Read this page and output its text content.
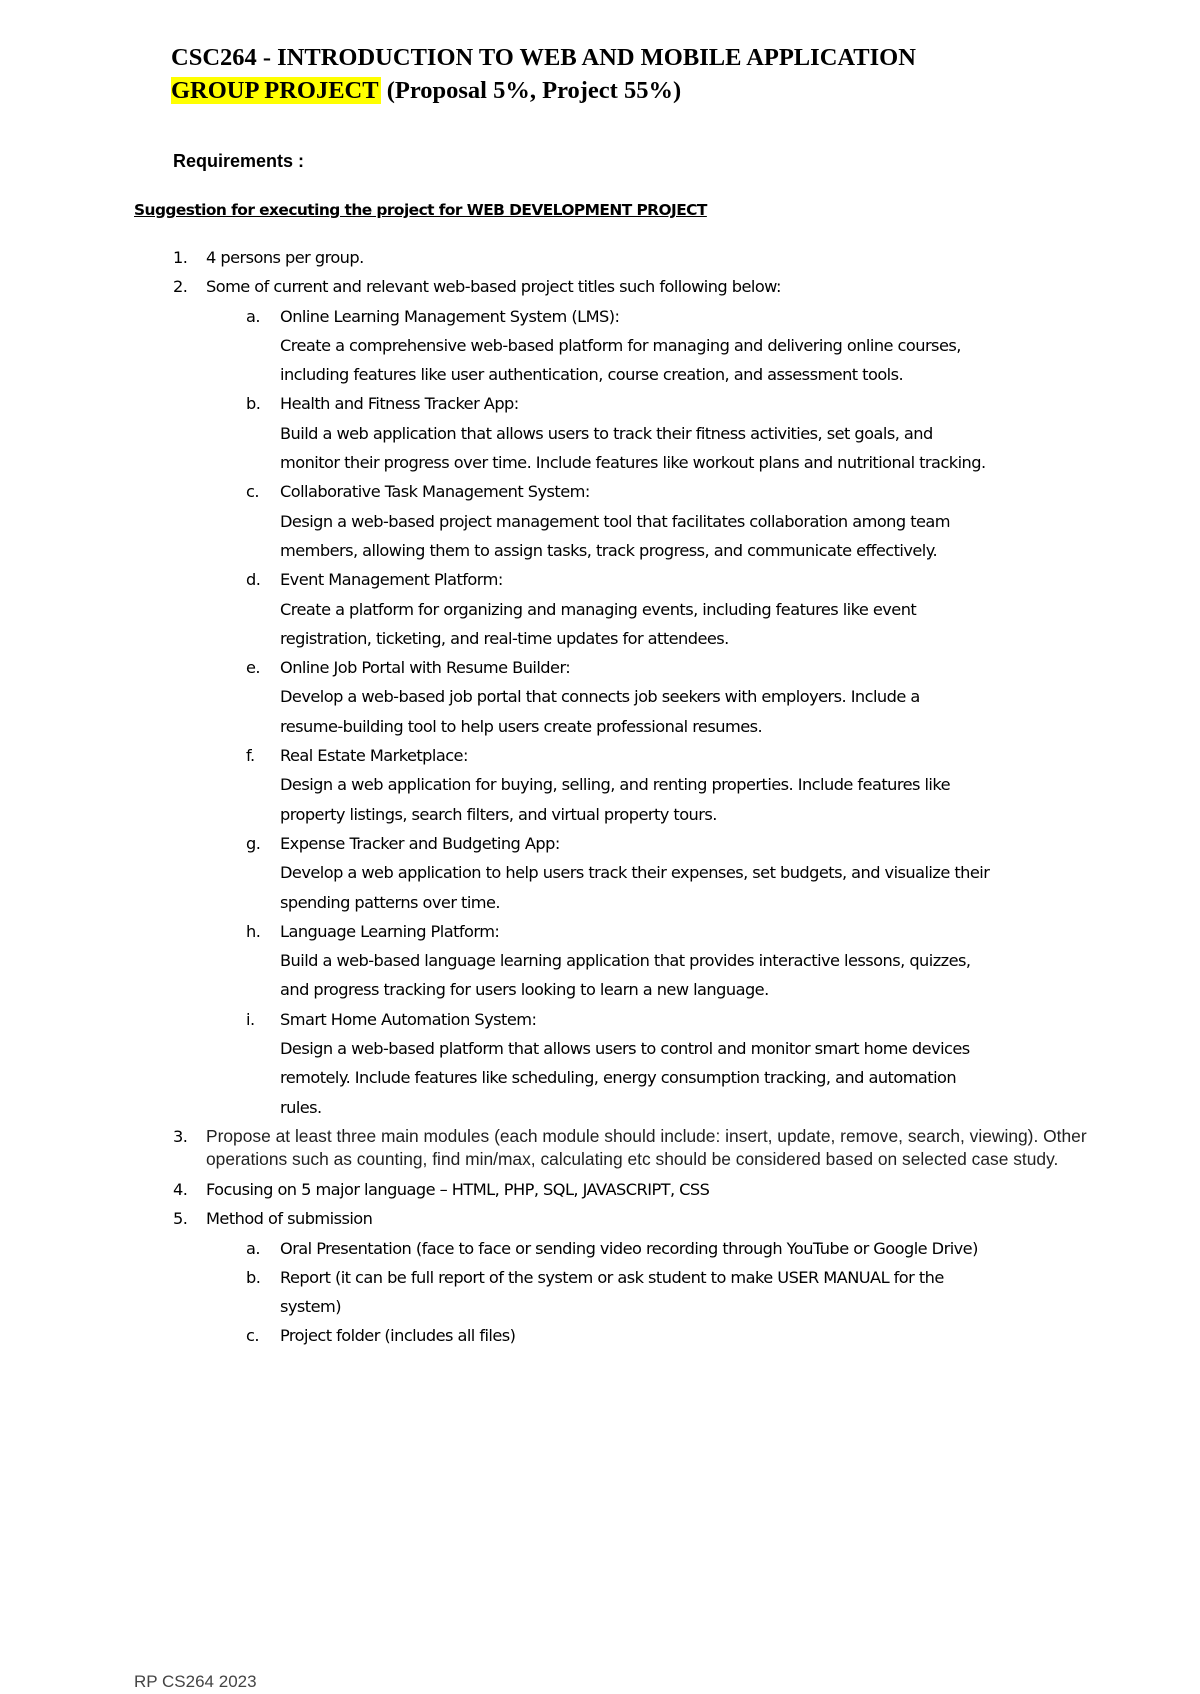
CSC264 - INTRODUCTION TO WEB AND MOBILE APPLICATION
GROUP PROJECT (Proposal 5%, Project 55%)
Requirements :
Suggestion for executing the project for WEB DEVELOPMENT PROJECT
1. 4 persons per group.
2. Some of current and relevant web-based project titles such following below:
a. Online Learning Management System (LMS):
Create a comprehensive web-based platform for managing and delivering online courses,
including features like user authentication, course creation, and assessment tools.
b. Health and Fitness Tracker App:
Build a web application that allows users to track their fitness activities, set goals, and
monitor their progress over time. Include features like workout plans and nutritional tracking.
c. Collaborative Task Management System:
Design a web-based project management tool that facilitates collaboration among team
members, allowing them to assign tasks, track progress, and communicate effectively.
d. Event Management Platform:
Create a platform for organizing and managing events, including features like event
registration, ticketing, and real-time updates for attendees.
e. Online Job Portal with Resume Builder:
Develop a web-based job portal that connects job seekers with employers. Include a
resume-building tool to help users create professional resumes.
f. Real Estate Marketplace:
Design a web application for buying, selling, and renting properties. Include features like
property listings, search filters, and virtual property tours.
g. Expense Tracker and Budgeting App:
Develop a web application to help users track their expenses, set budgets, and visualize their
spending patterns over time.
h. Language Learning Platform:
Build a web-based language learning application that provides interactive lessons, quizzes,
and progress tracking for users looking to learn a new language.
i. Smart Home Automation System:
Design a web-based platform that allows users to control and monitor smart home devices
remotely. Include features like scheduling, energy consumption tracking, and automation
rules.
3. Propose at least three main modules (each module should include: insert, update, remove, search, viewing). Other operations such as counting, find min/max, calculating etc should be considered based on selected case study.
4. Focusing on 5 major language – HTML, PHP, SQL, JAVASCRIPT, CSS
5. Method of submission
a. Oral Presentation (face to face or sending video recording through YouTube or Google Drive)
b. Report (it can be full report of the system or ask student to make USER MANUAL for the
system)
c. Project folder (includes all files)
RP CS264 2023
